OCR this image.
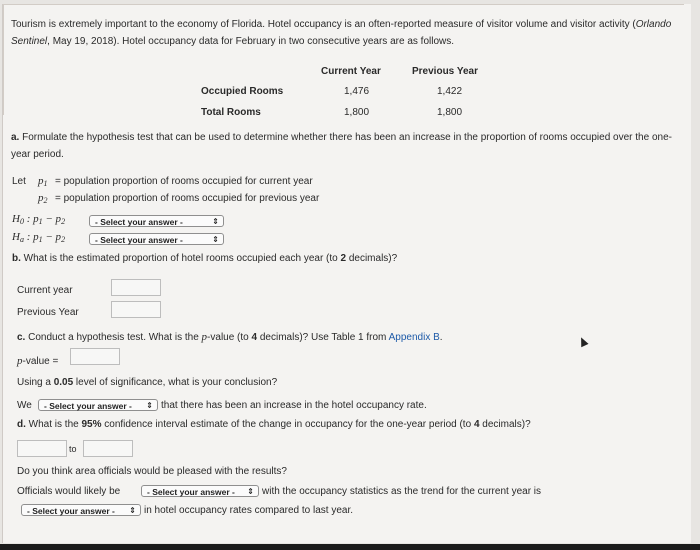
Tourism is extremely important to the economy of Florida. Hotel occupancy is an often-reported measure of visitor volume and visitor activity (Orlando Sentinel, May 19, 2018). Hotel occupancy data for February in two consecutive years are as follows.
Current Year	Previous Year
Occupied Rooms	1,476	1,422
Total Rooms	1,800	1,800
a. Formulate the hypothesis test that can be used to determine whether there has been an increase in the proportion of rooms occupied over the one-year period.
Let $p_1$ = population proportion of rooms occupied for current year
$p_2$ = population proportion of rooms occupied for previous year
$H_0$ : $p_1 - p_2$	- Select your answer -	⇕
$H_a$ : $p_1 - p_2$	- Select your answer -	⇕
b. What is the estimated proportion of hotel rooms occupied each year (to 2 decimals)?
Current year
Previous Year
c. Conduct a hypothesis test. What is the p-value (to 4 decimals)? Use Table 1 from Appendix B.
p-value =
Using a 0.05 level of significance, what is your conclusion?
We	- Select your answer - ⇕ that there has been an increase in the hotel occupancy rate.
d. What is the 95% confidence interval estimate of the change in occupancy for the one-year period (to 4 decimals)?
to
Do you think area officials would be pleased with the results?
Officials would likely be	- Select your answer - ⇕ with the occupancy statistics as the trend for the current year is
- Select your answer - ⇕ in hotel occupancy rates compared to last year.
